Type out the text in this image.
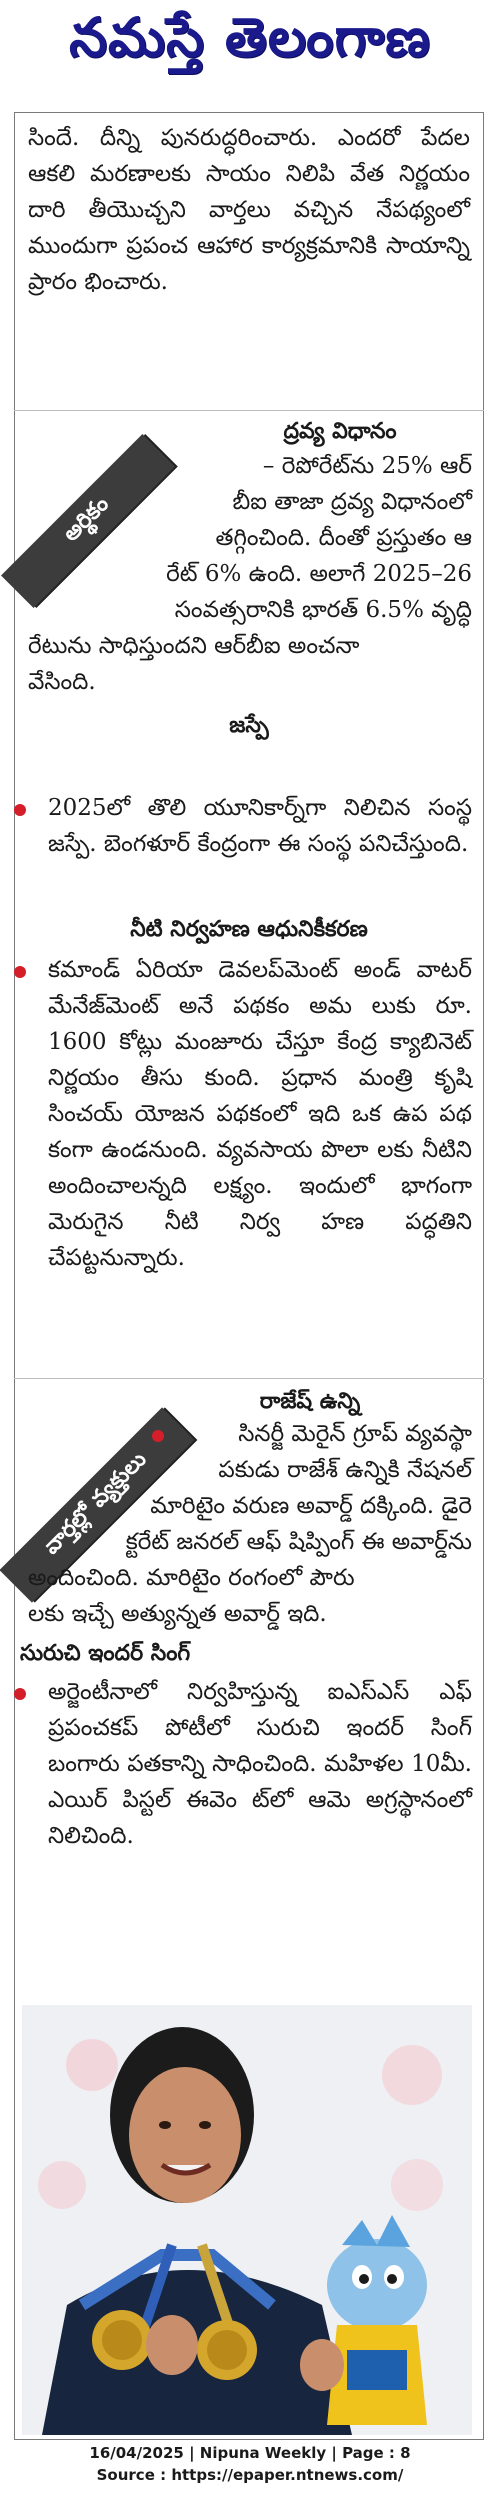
నమస్తే తెలంగాణ
సిందే. దీన్ని పునరుద్ధరించారు. ఎందరో పేదల ఆకలి మరణాలకు సాయం నిలిపి వేత నిర్ణయం దారి తీయొచ్చని వార్తలు వచ్చిన నేపథ్యంలో ముందుగా ప్రపంచ ఆహార కార్యక్రమానికి సాయాన్ని ప్రారం భించారు.
అర్థికం
ద్రవ్య విధానం
– రెపోరేట్‌ను 25% ఆర్
బీఐ తాజా ద్రవ్య విధానంలో
తగ్గించింది. దీంతో ప్రస్తుతం ఆ
రేట్ 6% ఉంది. అలాగే 2025–26
సంవత్సరానికి భారత్ 6.5% వృద్ధి
రేటును సాధిస్తుందని ఆర్‌బీఐ అంచనా
వేసింది.
జస్పే
2025లో తొలి యూనికార్న్‌గా నిలిచిన సంస్థ జస్పే. బెంగళూర్ కేంద్రంగా ఈ సంస్థ పనిచేస్తుంది.
నీటి నిర్వహణ ఆధునికీకరణ
కమాండ్ ఏరియా డెవలప్‌మెంట్ అండ్ వాటర్ మేనేజ్‌మెంట్ అనే పథకం అమ లుకు రూ. 1600 కోట్లు మంజూరు చేస్తూ కేంద్ర క్యాబినెట్ నిర్ణయం తీసు కుంది. ప్రధాన మంత్రి కృషి సించయ్ యోజన పథకంలో ఇది ఒక ఉప పథ కంగా ఉండనుంది. వ్యవసాయ పొలా లకు నీటిని అందించాలన్నది లక్ష్యం. ఇందులో భాగంగా మెరుగైన నీటి నిర్వ హణ పద్ధతిని చేపట్టనున్నారు.
వార్తల్లో వ్యక్తులు
రాజేష్ ఉన్ని
సినర్జీ మెరైన్ గ్రూప్ వ్యవస్థా
పకుడు రాజేశ్ ఉన్నికి నేషనల్
మారిటైం వరుణ అవార్డ్ దక్కింది. డైరె
క్టరేట్ జనరల్ ఆఫ్ షిప్పింగ్ ఈ అవార్డ్‌ను
అందించింది. మారిటైం రంగంలో పౌరు
లకు ఇచ్చే అత్యున్నత అవార్డ్ ఇది.
సురుచి ఇందర్ సింగ్
అర్జెంటీనాలో నిర్వహిస్తున్న ఐఎస్ఎస్ ఎఫ్ ప్రపంచకప్ పోటీలో సురుచి ఇందర్ సింగ్ బంగారు పతకాన్ని సాధించింది. మహిళల 10మీ. ఎయిర్ పిస్టల్ ఈవెం ట్‌లో ఆమె అగ్రస్థానంలో నిలిచింది.
16/04/2025 | Nipuna Weekly | Page : 8
Source : https://epaper.ntnews.com/
